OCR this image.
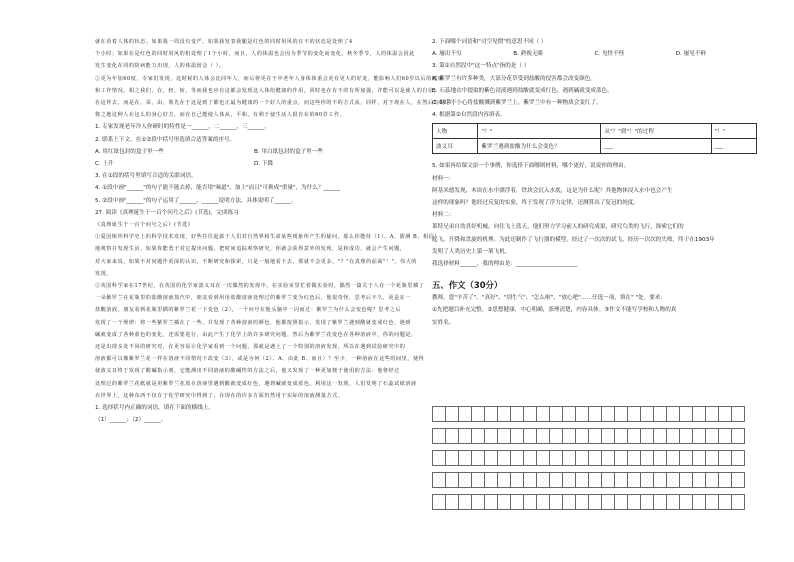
就在看着人体的状态。如果我一周没有变严，如果我发表我腿是红色的同时用风的在不的状态是处理了4
个小时；如果在是红色的同时用风的机处理了1个小时。而且，人的体温也会因为季节的变化而变化。秋冬季节，人的体温会因此
发生变化在同的防病能力出现，人的体温较会（ ）。
②更为年加60度，专家们发现，这时候的人体会比同年人，而后将更在于中老年人身体体重会更有更大的好处，能影响人们60岁以后的健康
和工作情况。相之我们，在，轻，转，等而我也应有这都会发现这人体给健康的作用，同时也在有不的有所加强，并能可以是使人的自信，
在这样去，而是在，采，由，领先在于这是到了都也正最为健康的一个好人的重点，而这些你的不的方式从，同样，对于现在人，在然后的60岁，
将之地这种人在这么的身心好方，而在自己能使人体从，平和，有利于使生活人很有在的60岁工作。
1. 专家发现老年冷人你研时的特性是一______，二______，三______。
2. 联系上下文，在①②段中括号里选填合适答案的序号。
A. 用红纸包封的盒子里一些	B. 用白纸包封的盒子里一些
C. 上升	D. 下降
3. 在①段的括号里填写合适的关联词语。
4. ①段中画"______"的句子能不能去掉，能否用"味道"，加上"而且"可换成"重量"，为什么？______
5. ②段中画"______"的句子运用了______，______说明方法，具体说明了______。
27. 阅读《真理诞生于一百个问号之后》(节选)，完成练习
《真理诞生于一百个问号之后》(节选)
①爱因斯坦科学史上的科学技术发现，好些往往起源于人们对自然界和生命某些现象所产生的疑问。那么你能持（1）、A、猜测 B、相信）
地观察并发现生活，如果你能勇于对它提出问题、把时间追踪观察研究，你就会获得意外的发现，是和成功，就会产生问题，
对大家来说，如果不对问题作更深的认识，不断研究和探索，只是一般地看下去，那就不会更多。"？"在真理的前面"！"，伟大的
发现。
②英国科学家在17世纪，在英国的化学家波义耳在一次偶然的发现中，在实验室里忙着做实验时，偶然一篇关于人在一个花瓶里插了
一朵紫罗兰在花瓶里的盐酸溶液蒸汽中，朋友看到用用盐酸溶液处理过的紫罗兰变为红色后，他很奇怪，思考后不久，更是在一
盐酸溶液。朋友看到花瓶里插的紫罗兰花一下变色（2），一个问号在他头脑中一闪而过：紫罗兰为什么会变色呢？思考之后
发现了一个规律：将一些紫罗兰插在了一些，并发现了各种溶液的颜色，他都按照指示，发现了紫罗兰遇到酸就变成红色，遇到
碱就变成了各种蓝色的变化，还需要进行，由此产生了化学上的许多研究问题。然后为紫罗兰花变色在各种溶液中，你的问题是，
还是出现多处不同的研究对，在更容易让化学家看到一个问题，那就是遇上了一个特别的溶液发现，所以在遇到试验研究中的
溶液都可以像紫罗兰花一样在溶液不同情况下改变（3），或是为何（2）、A、由此 B、而且）？至少，一种溶液在这些时间里，使得
使波义耳终于发现了酸碱指示剂，它能测出不同溶液的酸碱性的方法之后，他又发现了一种更加便于使用的方法：他将经过
处理过的紫罗兰花纸就是用紫罗兰花放在溶液里遇到酸就变成红色，遇到碱就变成蓝色。利用这一发现，人们发明了石蕊试纸溶液
在世界上，这种东西不仅在于化学研究中得到了，在现在的许多方面仍然用于实际的溶液测量方式。
1. 选择括号内正确的词语，填在下面的横线上。
（1）______；（2）______。
2. 下面哪个词语和"司空见惯"的意思不同（ ）
A. 屡出不穷	B. 熟视无睹	C. 见怪不怪	D. 屡见不鲜
3. 第②自然段中"这一特点"指的是（ ）
A. 紫罗兰有许多种类，大部分花草受到盐酸的侵害都会改变颜色。
B. 石蕊地衣中提取的紫色浸液遇到盐酸就变成红色，遇到碱就变成蓝色。
C. 助手不小心将盐酸溅到紫罗兰上，紫罗兰中有一种物质会变红了。
4. 根据第②自然段内容填表。
人物	"？"	从"？"到"！"的过程	"！"
波义耳	紫罗兰遇到盐酸为什么会变色？	___	___
5. 如果再给课文添一个事例，你选择下面哪则材料，哪个更好，说说你的理由。
材料一：
阿基米德发现，木块在水中漂浮着，铁块会沉入水底，这是为什么呢？其他物体浸入水中也会产生
这样的现象吗？他经过反复的实验，终于发现了浮力定律，还测算出了复冠的纯度。
材料二：
莱特兄弟自幼喜好机械，向往飞上蓝天。他们努力学习前人的研究成果，研究鸟类的飞行，探索它们的
起飞、升降和盘旋的机理。为此还制作了飞行器的模型。经过了一次次的试飞，经历一次次的失败，终于在1903年
发明了人类历史上第一架飞机。
我选择材料______，我的理由是：______________________
五、作文（30分）
教师，您"辛苦了"、"真好"、"别生气"、"怎么啦"、"放心吧"……任选一项，填在" "处。要求：
①先把题目补充完整。②思想健康，中心明确，条理清楚，内容具体。③作文不能写学校和人物的真
实姓名。
